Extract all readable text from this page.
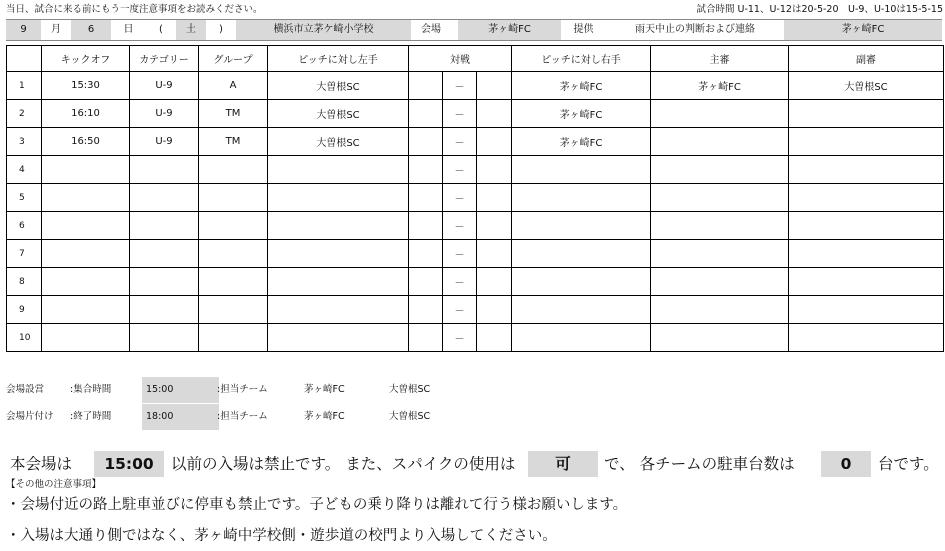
当日、試合に来る前にもう一度注意事項をお読みください。	試合時間 U-11、U-12は20-5-20　U-9、U-10は15-5-15
9	月	6	日	(	土	)	横浜市立茅ケ崎小学校	会場	茅ヶ崎FC	提供	雨天中止の判断および連絡	茅ヶ崎FC
	キックオフ	カテゴリー	グループ	ピッチに対し左手	対戦			ピッチに対し右手	主審	副審
1	15:30	U-9	A	大曽根SC		－		茅ヶ崎FC	茅ヶ崎FC	大曽根SC
2	16:10	U-9	TM	大曽根SC		－		茅ヶ崎FC		
3	16:50	U-9	TM	大曽根SC		－		茅ヶ崎FC		
4						－				
5						－				
6						－				
7						－				
8						－				
9						－				
10						－				
会場設営	:集合時間	15:00	:担当チーム	茅ヶ崎FC	大曽根SC
会場片付け :終了時間	18:00	:担当チーム	茅ヶ崎FC	大曽根SC
本会場は	15:00	以前の入場は禁止です。 また、スパイクの使用は	可	で、 各チームの駐車台数は	0	台です。
【その他の注意事項】
・会場付近の路上駐車並びに停車も禁止です。子どもの乗り降りは離れて行う様お願いします。
・入場は大通り側ではなく、茅ヶ崎中学校側・遊歩道の校門より入場してください。
